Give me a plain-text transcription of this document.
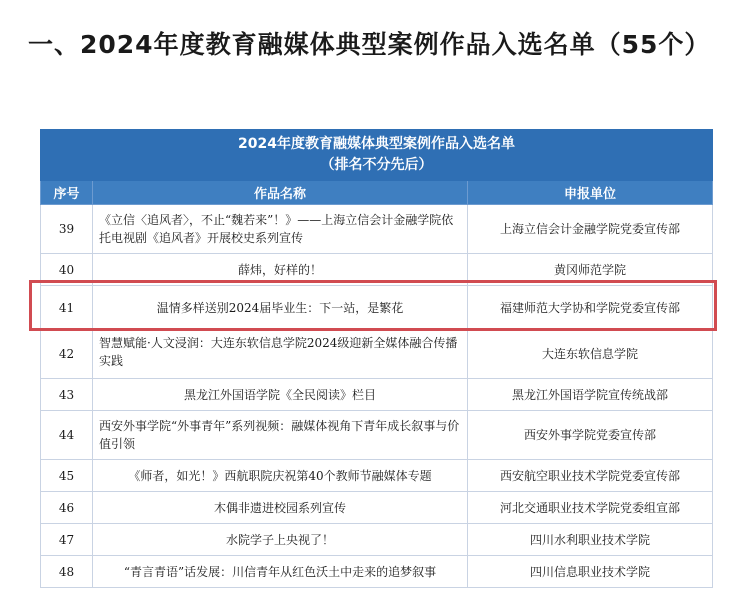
一、2024年度教育融媒体典型案例作品入选名单（55个）
2024年度教育融媒体典型案例作品入选名单
（排名不分先后）		

序号	作品名称	申报单位
39	《立信〈追风者〉，不止“魏若来”！》——上海立信会计金融学院依托电视剧《追风者》开展校史系列宣传	上海立信会计金融学院党委宣传部
40	薛炜，好样的！	黄冈师范学院
41	温情多样送别2024届毕业生：下一站，是繁花	福建师范大学协和学院党委宣传部
42	智慧赋能·人文浸润：大连东软信息学院2024级迎新全媒体融合传播实践	大连东软信息学院
43	黑龙江外国语学院《全民阅读》栏目	黑龙江外国语学院宣传统战部
44	西安外事学院“外事青年”系列视频：融媒体视角下青年成长叙事与价值引领	西安外事学院党委宣传部
45	《师者，如光！》西航职院庆祝第40个教师节融媒体专题	西安航空职业技术学院党委宣传部
46	木偶非遗进校园系列宣传	河北交通职业技术学院党委组宣部
47	水院学子上央视了！	四川水利职业技术学院
48	“青言青语”话发展：川信青年从红色沃土中走来的追梦叙事	四川信息职业技术学院
